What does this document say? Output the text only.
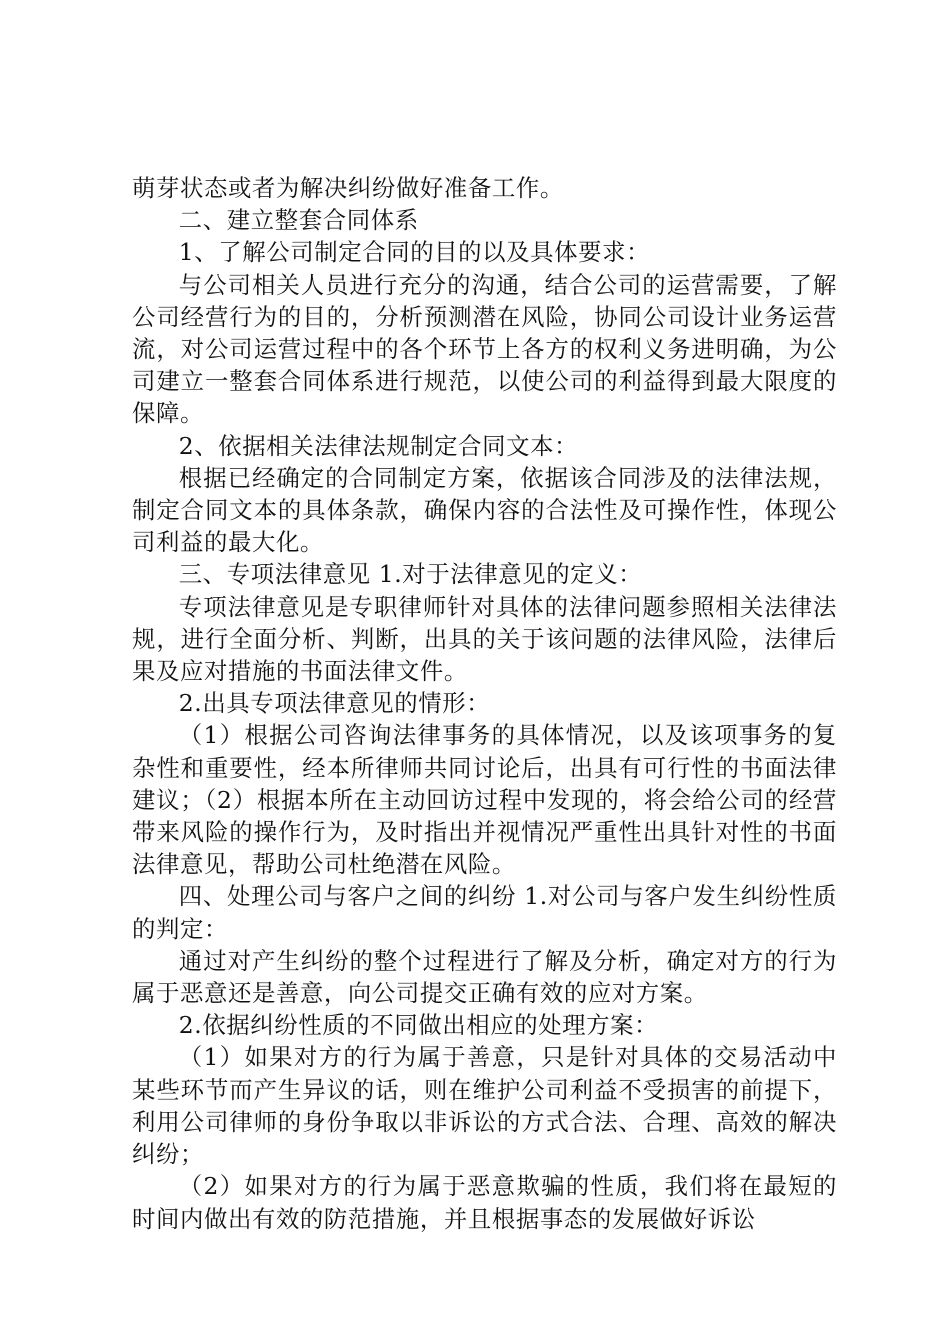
萌芽状态或者为解决纠纷做好准备工作。

二、建立整套合同体系

1、了解公司制定合同的目的以及具体要求：

与公司相关人员进行充分的沟通，结合公司的运营需要，了解公司经营行为的目的，分析预测潜在风险，协同公司设计业务运营流，对公司运营过程中的各个环节上各方的权利义务进明确，为公司建立一整套合同体系进行规范，以使公司的利益得到最大限度的保障。

2、依据相关法律法规制定合同文本：

根据已经确定的合同制定方案，依据该合同涉及的法律法规，制定合同文本的具体条款，确保内容的合法性及可操作性，体现公司利益的最大化。

三、专项法律意见 1.对于法律意见的定义：

专项法律意见是专职律师针对具体的法律问题参照相关法律法规，进行全面分析、判断，出具的关于该问题的法律风险，法律后果及应对措施的书面法律文件。

2.出具专项法律意见的情形：

（1）根据公司咨询法律事务的具体情况，以及该项事务的复杂性和重要性，经本所律师共同讨论后，出具有可行性的书面法律建议；（2）根据本所在主动回访过程中发现的，将会给公司的经营带来风险的操作行为，及时指出并视情况严重性出具针对性的书面法律意见，帮助公司杜绝潜在风险。

四、处理公司与客户之间的纠纷 1.对公司与客户发生纠纷性质的判定：

通过对产生纠纷的整个过程进行了解及分析，确定对方的行为属于恶意还是善意，向公司提交正确有效的应对方案。

2.依据纠纷性质的不同做出相应的处理方案：

（1）如果对方的行为属于善意，只是针对具体的交易活动中某些环节而产生异议的话，则在维护公司利益不受损害的前提下，利用公司律师的身份争取以非诉讼的方式合法、合理、高效的解决纠纷；

（2）如果对方的行为属于恶意欺骗的性质，我们将在最短的时间内做出有效的防范措施，并且根据事态的发展做好诉讼
